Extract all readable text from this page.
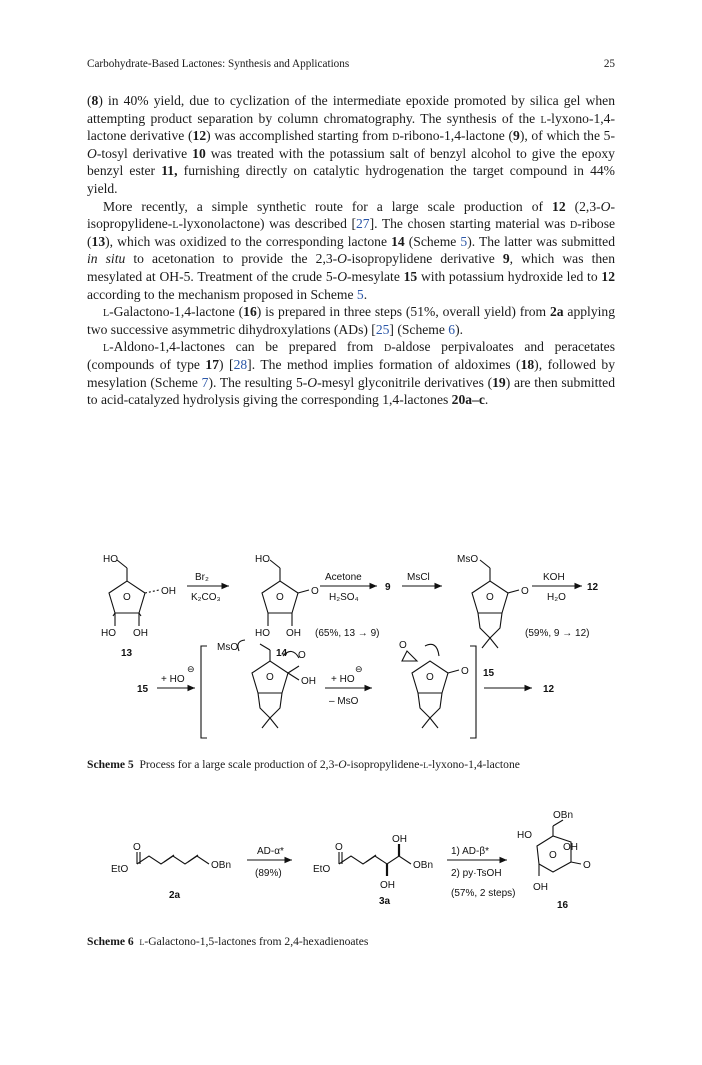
Carbohydrate-Based Lactones: Synthesis and Applications	25

(8) in 40% yield, due to cyclization of the intermediate epoxide promoted by silica gel when attempting product separation by column chromatography. The synthesis of the l-lyxono-1,4-lactone derivative (12) was accomplished starting from d-ribono-1,4-lactone (9), of which the 5-O-tosyl derivative 10 was treated with the potassium salt of benzyl alcohol to give the epoxy benzyl ester 11, furnishing directly on catalytic hydrogenation the target compound in 44% yield.

More recently, a simple synthetic route for a large scale production of 12 (2,3-O-isopropylidene-l-lyxonolactone) was described [27]. The chosen starting material was d-ribose (13), which was oxidized to the corresponding lactone 14 (Scheme 5). The latter was submitted in situ to acetonation to provide the 2,3-O-isopropylidene derivative 9, which was then mesylated at OH-5. Treatment of the crude 5-O-mesylate 15 with potassium hydroxide led to 12 according to the mechanism proposed in Scheme 5.

l-Galactono-1,4-lactone (16) is prepared in three steps (51%, overall yield) from 2a applying two successive asymmetric dihydroxylations (ADs) [25] (Scheme 6).

l-Aldono-1,4-lactones can be prepared from d-aldose perpivaloates and peracetates (compounds of type 17) [28]. The method implies formation of aldoximes (18), followed by mesylation (Scheme 7). The resulting 5-O-mesyl glyconitrile derivatives (19) are then submitted to acid-catalyzed hydrolysis giving the corresponding 1,4-lactones 20a–c.

HO
OH
O
HO OH
13
Br₂
K₂CO₃
HO
O
O
HO OH
14
Acetone
H₂SO₄
(65%, 13 → 9)
9
MsCl
MsO
O
O
15
KOH
H₂O
(59%, 9 → 12)
12
15
+ HO
⊖
MsO
O
OH
O	+ HO
⊖
– MsO
O
O
O
12
Scheme 5 Process for a large scale production of 2,3-O-isopropylidene-l-lyxono-1,4-lactone
O
EtO	OBn
2a
AD-α*
(89%)
O
EtO
OH
OH
OBn
3a
1) AD-β*
2) py·TsOH
(57%, 2 steps)
OBn
HO
OH
O
O
OH
16
Scheme 6 l-Galactono-1,5-lactones from 2,4-hexadienoates
